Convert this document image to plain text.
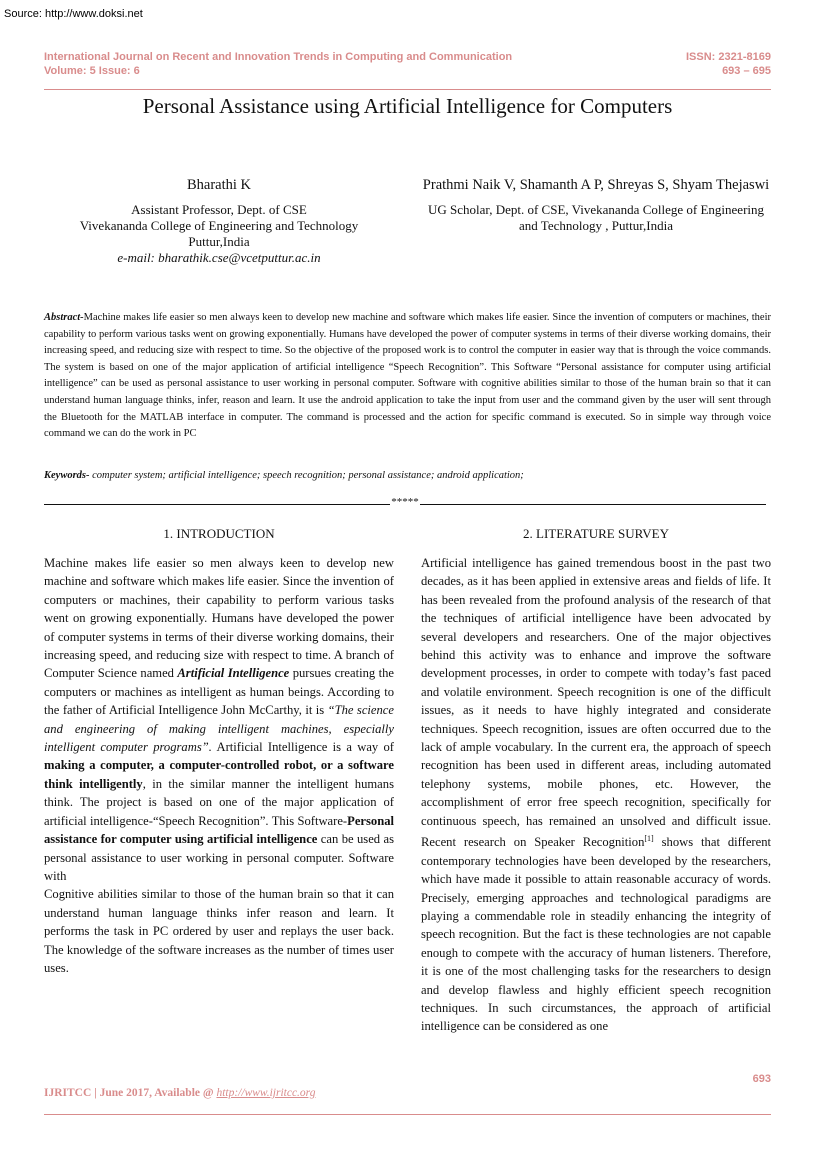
Source: http://www.doksi.net
International Journal on Recent and Innovation Trends in Computing and Communication
Volume: 5 Issue: 6
ISSN: 2321-8169
693 – 695
Personal Assistance using Artificial Intelligence for Computers
Bharathi K
Assistant Professor, Dept. of CSE
Vivekananda College of Engineering and Technology
Puttur,India
e-mail: bharathik.cse@vcetputtur.ac.in
Prathmi Naik V, Shamanth A P, Shreyas S, Shyam Thejaswi
UG Scholar, Dept. of CSE, Vivekananda College of Engineering and Technology , Puttur,India
Abstract-Machine makes life easier so men always keen to develop new machine and software which makes life easier. Since the invention of computers or machines, their capability to perform various tasks went on growing exponentially. Humans have developed the power of computer systems in terms of their diverse working domains, their increasing speed, and reducing size with respect to time. So the objective of the proposed work is to control the computer in easier way that is through the voice commands. The system is based on one of the major application of artificial intelligence “Speech Recognition”. This Software “Personal assistance for computer using artificial intelligence” can be used as personal assistance to user working in personal computer. Software with cognitive abilities similar to those of the human brain so that it can understand human language thinks, infer, reason and learn. It use the android application to take the input from user and the command given by the user will sent through the Bluetooth for the MATLAB interface in computer. The command is processed and the action for specific command is executed. So in simple way through voice command we can do the work in PC
Keywords- computer system; artificial intelligence; speech recognition; personal assistance; android application;
*****
1. INTRODUCTION	2. LITERATURE SURVEY

Machine makes life easier so men always keen to develop new machine and software which makes life easier. Since the invention of computers or machines, their capability to perform various tasks went on growing exponentially. Humans have developed the power of computer systems in terms of their diverse working domains, their increasing speed, and reducing size with respect to time. A branch of Computer Science named Artificial Intelligence pursues creating the computers or machines as intelligent as human beings. According to the father of Artificial Intelligence John McCarthy, it is “The science and engineering of making intelligent machines, especially intelligent computer programs”. Artificial Intelligence is a way of making a computer, a computer-controlled robot, or a software think intelligently, in the similar manner the intelligent humans think. The project is based on one of the major application of artificial intelligence-“Speech Recognition”. This Software-Personal assistance for computer using artificial intelligence can be used as personal assistance to user working in personal computer. Software with

Cognitive abilities similar to those of the human brain so that it can understand human language thinks infer reason and learn. It performs the task in PC ordered by user and replays the user back. The knowledge of the software increases as the number of times user uses.

Artificial intelligence has gained tremendous boost in the past two decades, as it has been applied in extensive areas and fields of life. It has been revealed from the profound analysis of the research of that the techniques of artificial intelligence have been advocated by several developers and researchers. One of the major objectives behind this activity was to enhance and improve the software development processes, in order to compete with today’s fast paced and volatile environment. Speech recognition is one of the difficult issues, as it needs to have highly integrated and considerate techniques. Speech recognition, issues are often occurred due to the lack of ample vocabulary. In the current era, the approach of speech recognition has been used in different areas, including automated telephony systems, mobile phones, etc. However, the accomplishment of error free speech recognition, specifically for continuous speech, has remained an unsolved and difficult issue. Recent research on Speaker Recognition[1] shows that different contemporary technologies have been developed by the researchers, which have made it possible to attain reasonable accuracy of words. Precisely, emerging approaches and technological paradigms are playing a commendable role in steadily enhancing the integrity of speech recognition. But the fact is these technologies are not capable enough to compete with the accuracy of human listeners. Therefore, it is one of the most challenging tasks for the researchers to design and develop flawless and highly efficient speech recognition techniques. In such circumstances, the approach of artificial intelligence can be considered as one

693
IJRITCC | June 2017, Available @ http://www.ijritcc.org
